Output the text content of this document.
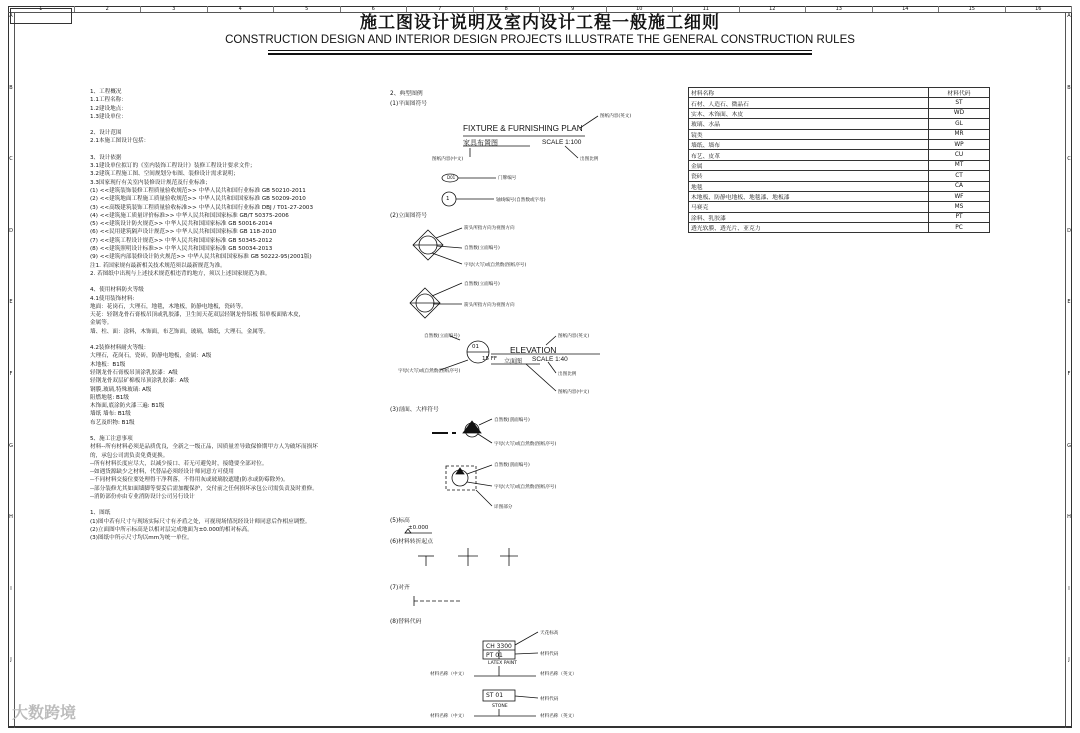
1	2	3	4	5	6	7	8	9	10	11	12	13	14	15	16
A
B
C
D
E
F
G
H
I
J
A
B
C
D
E
F
G
H
I
J
施工图设计说明及室内设计工程一般施工细则
CONSTRUCTION DESIGN AND INTERIOR DESIGN PROJECTS ILLUSTRATE THE GENERAL CONSTRUCTION RULES
1、工程概况
1.1工程名称：
1.2建设地点：
1.3建设单位：
2、设计范围
2.1本施工图设计包括：
3、设计依据
3.1建设单位拟订的《室内装饰工程设计》装修工程设计要求文件；
3.2建筑工程施工图、空间规划分布图、装修设计需求说明；
3.3国家现行有关室内装修设计规范及行业标准；
(1) <<建筑装饰装修工程质量验收规范>> 中华人民共和国行业标准 GB 50210-2011
(2) <<建筑地面工程施工质量验收规范>> 中华人民共和国国家标准 GB 50209-2010
(3) <<高级建筑装饰工程质量验收标准>> 中华人民共和国行业标准 DBJ / T01-27-2003
(4) <<建筑施工质量评价标准>> 中华人民共和国国家标准 GB/T 50375-2006
(5) <<建筑设计防火规范>> 中华人民共和国国家标准 GB 50016-2014
(6) <<民用建筑隔声设计规范>> 中华人民共和国国家标准 GB 118-2010
(7) <<建筑工程设计规范>> 中华人民共和国国家标准 GB 50345-2012
(8) <<建筑照明设计标准>> 中华人民共和国国家标准 GB 50034-2013
(9) <<建筑内部装修设计防火规范>> 中华人民共和国国家标准 GB 50222-95(2001版)
注1. 若国家规有最新相关技术规范须以最新规范为准。
2. 若图纸中出现与上述技术规范相违背的地方，须以上述国家规范为准。
4、使用材料防火等级
4.1使用装饰材料:
地面：花岗石，大理石，地毯，木地板，防静电地板，瓷砖等。
天花：轻钢龙骨石膏板吊顶或乳胶漆，卫生间天花双层轻钢龙骨铝板 铝单板面贴木皮，
金属等。
墙、柱、面：涂料，木饰面，布艺饰面，玻璃，墙纸，大理石，金属等。
4.2装修材料耐火等级：
大理石，花岗石，瓷砖，防静电地板，金属：A级
木地板：B1级
轻钢龙骨石膏板吊顶涂乳胶漆：A级
轻钢龙骨双层矿棉板吊顶涂乳胶漆：A级
钢膜,玻璃,特殊玻璃: A级
阻燃地毯: B1级
木饰面,底涂防火漆三遍: B1级
墙纸 墙布: B1级
布艺及织物: B1级
5、施工注意事项
材料--所有材料必须是品质优良，全新之一级正品，因质量差导致保修期甲方人为破坏而损坏
的，承包公司需负责免费更换。
--所有材料长度应尽大，以减少接口、若无可避免时，接缝要全部对位。
--如遇货源缺少之材料，代替品必须经设计师同意方可使用
--不同材料交接位要处理得干净利落，不得用灰或玻璃胶遮缝(防水或防霉除外)。
--部分装修尤其如面墙脚等要妥后需加覆保护，交付前之任何损坏承包公司需负责及时重修。
--消防部份亦由专业消防设计公司另行设计
1、图纸
(1)图中若有尺寸与现场实际尺寸有矛盾之处，可视现场情况经设计师同意后作相应调整。
(2)立面图中所示标高是以相对层完成地面为±0.000的相对标高。
(3)图纸中所示尺寸均以mm为统一单位。
2、典型图例
(1)平面图符号
(2)立面图符号
(3)剖面、大样符号
(5)标高
(6)材料转折起点
(7)对齐
(8)替料代码
FIXTURE & FURNISHING PLAN
家具布置图	SCALE 1:100
图纸内容(英文)
图纸内容(中文)	出图比例
D01	门牌编号
1	轴线编号(自然数或字母)
箭头所指方向为视图方向
自然数(立面编号)
字母(大写)或自然数(图纸序号)
自然数(立面编号)
箭头所指方向为视图方向
自然数(立面编号)
字母(大写)或自然数(图纸序号)
01
15 FF
ELEVATION
立面图 SCALE 1:40
图纸内容(英文)
出图比例
图纸内容(中文)
自然数(剖面编号)
字母(大写)或自然数(图纸序号)
自然数(剖面编号)
字母(大写)或自然数(图纸序号)
详图部分
±0.000
CH 3300
PT 01
LATEX PAINT
天花标高
材料代码
材料名称（英文）
材料名称（中文）
ST 01
STONE
材料代码
材料名称（英文）
材料名称（中文）
材料名称	材料代码
石材、人造石、微晶石	ST
实木、木饰面、木皮	WD
玻璃、水晶	GL
镜类	MR
墙纸、墙布	WP
布艺、皮革	CU
金属	MT
瓷砖	CT
地毯	CA
木地板、防静电地板、地毯漆、地板漆	WF
马赛克	MS
涂料、乳胶漆	PT
透光软膜、透光片、亚克力	PC
大数跨境
